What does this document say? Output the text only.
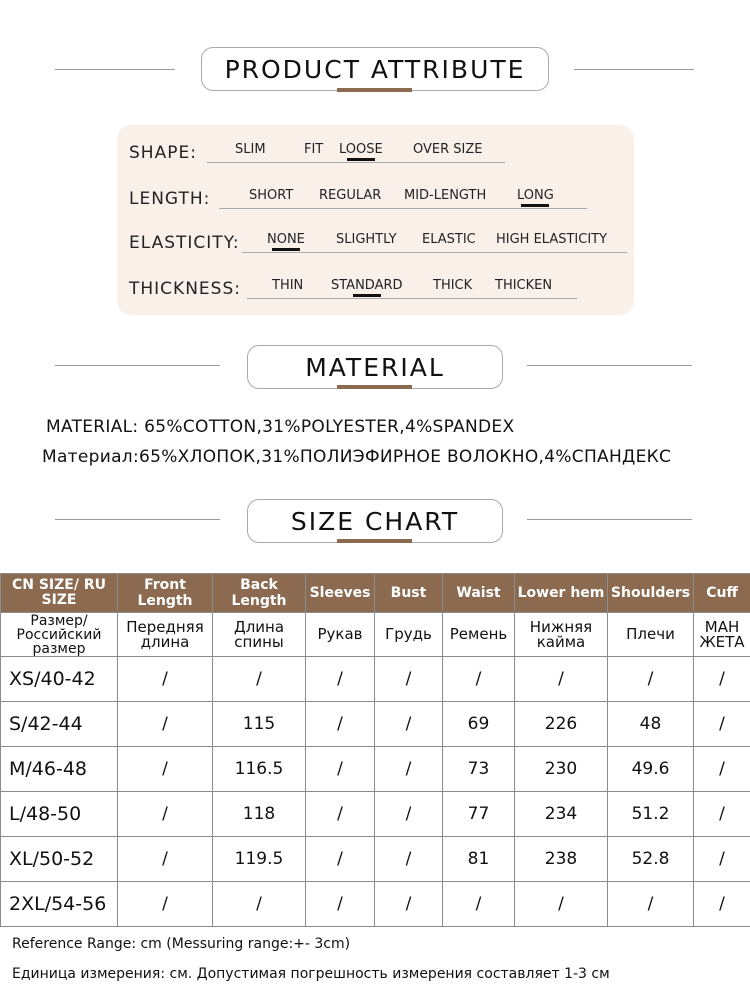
PRODUCT ATTRIBUTE
SHAPE:	SLIM	FIT LOOSE OVER SIZE
LENGTH:	SHORT REGULAR MID-LENGTH LONG
ELASTICITY: NONE SLIGHTLY ELASTIC HIGH ELASTICITY
THICKNESS: THIN STANDARD THICK THICKEN
MATERIAL
MATERIAL: 65%COTTON,31%POLYESTER,4%SPANDEX
Материал:65%ХЛОПОК,31%ПОЛИЭФИРНОЕ ВОЛОКНО,4%СПАНДЕКС
SIZE CHART
CN SIZE/ RU SIZE	Front Length	Back Length	Sleeves	Bust	Waist	Lower hem	Shoulders	Cuff
Размер/ Российский размер	Передняя длина	Длина спины	Рукав	Грудь	Ремень	Нижняя кайма	Плечи	МАН ЖЕТА
XS/40-42	/	/	/	/	/	/	/	/
S/42-44	/	115	/	/	69	226	48	/
M/46-48	/	116.5	/	/	73	230	49.6	/
L/48-50	/	118	/	/	77	234	51.2	/
XL/50-52	/	119.5	/	/	81	238	52.8	/
2XL/54-56	/	/	/	/	/	/	/	/
Reference Range: cm (Messuring range:+- 3cm)
Единица измерения: см. Допустимая погрешность измерения составляет 1-3 см
